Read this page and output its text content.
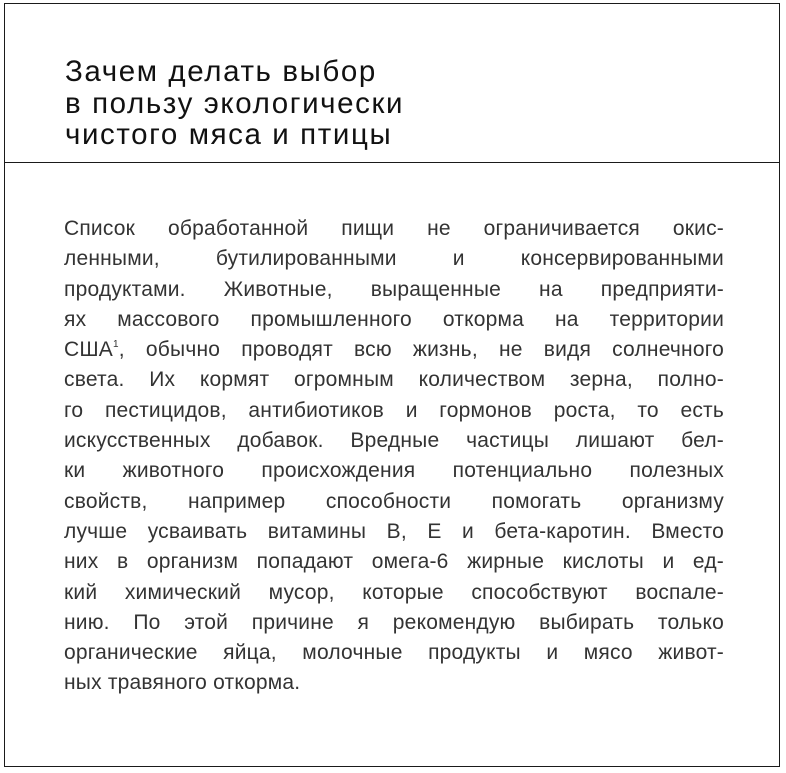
Зачем делать выбор
в пользу экологически
чистого мяса и птицы

Список обработанной пищи не ограничивается окис-
ленными, бутилированными и консервированными
продуктами. Животные, выращенные на предприяти-
ях массового промышленного откорма на территории
США$^1$, обычно проводят всю жизнь, не видя солнечного
света. Их кормят огромным количеством зерна, полно-
го пестицидов, антибиотиков и гормонов роста, то есть
искусственных добавок. Вредные частицы лишают бел-
ки животного происхождения потенциально полезных
свойств, например способности помогать организму
лучше усваивать витамины В, Е и бета-каротин. Вместо
них в организм попадают омега-6 жирные кислоты и ед-
кий химический мусор, которые способствуют воспале-
нию. По этой причине я рекомендую выбирать только
органические яйца, молочные продукты и мясо живот-
ных травяного откорма.
